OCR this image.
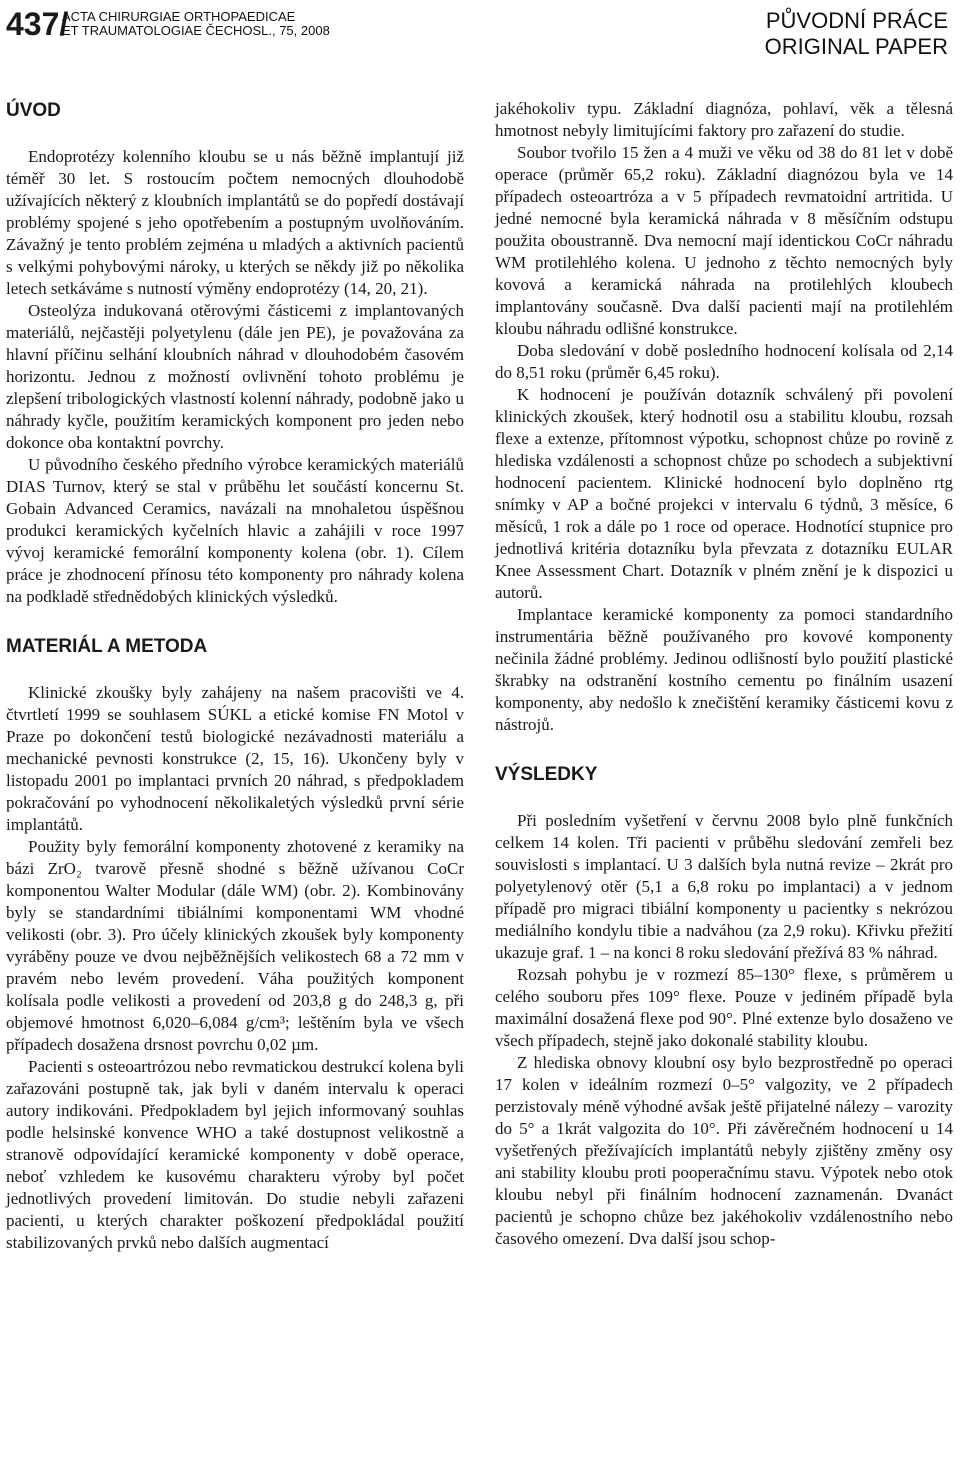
437/
ACTA CHIRURGIAE ORTHOPAEDICAE
ET TRAUMATOLOGIAE ČECHOSL., 75, 2008	PŮVODNÍ PRÁCE
ORIGINAL PAPER
ÚVOD

Endoprotézy kolenního kloubu se u nás běžně implantují již téměř 30 let. S rostoucím počtem nemocných dlouhodobě užívajících některý z kloubních implantátů se do popředí dostávají problémy spojené s jeho opotřebením a postupným uvolňováním. Závažný je tento problém zejména u mladých a aktivních pacientů s velkými pohybovými nároky, u kterých se někdy již po několika letech setkáváme s nutností výměny endoprotézy (14, 20, 21).

Osteolýza indukovaná otěrovými částicemi z implantovaných materiálů, nejčastěji polyetylenu (dále jen PE), je považována za hlavní příčinu selhání kloubních náhrad v dlouhodobém časovém horizontu. Jednou z možností ovlivnění tohoto problému je zlepšení tribologických vlastností kolenní náhrady, podobně jako u náhrady kyčle, použitím keramických komponent pro jeden nebo dokonce oba kontaktní povrchy.

U původního českého předního výrobce keramických materiálů DIAS Turnov, který se stal v průběhu let součástí koncernu St. Gobain Advanced Ceramics, navázali na mnohaletou úspěšnou produkci keramických kyčelních hlavic a zahájili v roce 1997 vývoj keramické femorální komponenty kolena (obr. 1). Cílem práce je zhodnocení přínosu této komponenty pro náhrady kolena na podkladě střednědobých klinických výsledků.

MATERIÁL A METODA

Klinické zkoušky byly zahájeny na našem pracovišti ve 4. čtvrtletí 1999 se souhlasem SÚKL a etické komise FN Motol v Praze po dokončení testů biologické nezávadnosti materiálu a mechanické pevnosti konstrukce (2, 15, 16). Ukončeny byly v listopadu 2001 po implantaci prvních 20 náhrad, s předpokladem pokračování po vyhodnocení několikaletých výsledků první série implantátů.

Použity byly femorální komponenty zhotovené z keramiky na bázi ZrO₂ tvarově přesně shodné s běžně užívanou CoCr komponentou Walter Modular (dále WM) (obr. 2). Kombinovány byly se standardními tibiálními komponentami WM vhodné velikosti (obr. 3). Pro účely klinických zkoušek byly komponenty vyráběny pouze ve dvou nejběžnějších velikostech 68 a 72 mm v pravém nebo levém provedení. Váha použitých komponent kolísala podle velikosti a provedení od 203,8 g do 248,3 g, při objemové hmotnost 6,020–6,084 g/cm³; leštěním byla ve všech případech dosažena drsnost povrchu 0,02 µm.

Pacienti s osteoartrózou nebo revmatickou destrukcí kolena byli zařazováni postupně tak, jak byli v daném intervalu k operaci autory indikováni. Předpokladem byl jejich informovaný souhlas podle helsinské konvence WHO a také dostupnost velikostně a stranově odpovídající keramické komponenty v době operace, neboť vzhledem ke kusovému charakteru výroby byl počet jednotlivých provedení limitován. Do studie nebyli zařazeni pacienti, u kterých charakter poškození předpokládal použití stabilizovaných prvků nebo dalších augmentací

jakéhokoliv typu. Základní diagnóza, pohlaví, věk a tělesná hmotnost nebyly limitujícími faktory pro zařazení do studie.

Soubor tvořilo 15 žen a 4 muži ve věku od 38 do 81 let v době operace (průměr 65,2 roku). Základní diagnózou byla ve 14 případech osteoartróza a v 5 případech revmatoidní artritida. U jedné nemocné byla keramická náhrada v 8 měsíčním odstupu použita oboustranně. Dva nemocní mají identickou CoCr náhradu WM protilehlého kolena. U jednoho z těchto nemocných byly kovová a keramická náhrada na protilehlých kloubech implantovány současně. Dva další pacienti mají na protilehlém kloubu náhradu odlišné konstrukce.

Doba sledování v době posledního hodnocení kolísala od 2,14 do 8,51 roku (průměr 6,45 roku).

K hodnocení je používán dotazník schválený při povolení klinických zkoušek, který hodnotil osu a stabilitu kloubu, rozsah flexe a extenze, přítomnost výpotku, schopnost chůze po rovině z hlediska vzdálenosti a schopnost chůze po schodech a subjektivní hodnocení pacientem. Klinické hodnocení bylo doplněno rtg snímky v AP a bočné projekci v intervalu 6 týdnů, 3 měsíce, 6 měsíců, 1 rok a dále po 1 roce od operace. Hodnotící stupnice pro jednotlivá kritéria dotazníku byla převzata z dotazníku EULAR Knee Assessment Chart. Dotazník v plném znění je k dispozici u autorů.

Implantace keramické komponenty za pomoci standardního instrumentária běžně používaného pro kovové komponenty nečinila žádné problémy. Jedinou odlišností bylo použití plastické škrabky na odstranění kostního cementu po finálním usazení komponenty, aby nedošlo k znečištění keramiky částicemi kovu z nástrojů.

VÝSLEDKY

Při posledním vyšetření v červnu 2008 bylo plně funkčních celkem 14 kolen. Tři pacienti v průběhu sledování zemřeli bez souvislosti s implantací. U 3 dalších byla nutná revize – 2krát pro polyetylenový otěr (5,1 a 6,8 roku po implantaci) a v jednom případě pro migraci tibiální komponenty u pacientky s nekrózou mediálního kondylu tibie a nadváhou (za 2,9 roku). Křivku přežití ukazuje graf. 1 – na konci 8 roku sledování přežívá 83 % náhrad.

Rozsah pohybu je v rozmezí 85–130° flexe, s průměrem u celého souboru přes 109° flexe. Pouze v jediném případě byla maximální dosažená flexe pod 90°. Plné extenze bylo dosaženo ve všech případech, stejně jako dokonalé stability kloubu.

Z hlediska obnovy kloubní osy bylo bezprostředně po operaci 17 kolen v ideálním rozmezí 0–5° valgozity, ve 2 případech perzistovaly méně výhodné avšak ještě přijatelné nálezy – varozity do 5° a 1krát valgozita do 10°. Při závěrečném hodnocení u 14 vyšetřených přežívajících implantátů nebyly zjištěny změny osy ani stability kloubu proti pooperačnímu stavu. Výpotek nebo otok kloubu nebyl při finálním hodnocení zaznamenán. Dvanáct pacientů je schopno chůze bez jakéhokoliv vzdálenostního nebo časového omezení. Dva další jsou schop-
